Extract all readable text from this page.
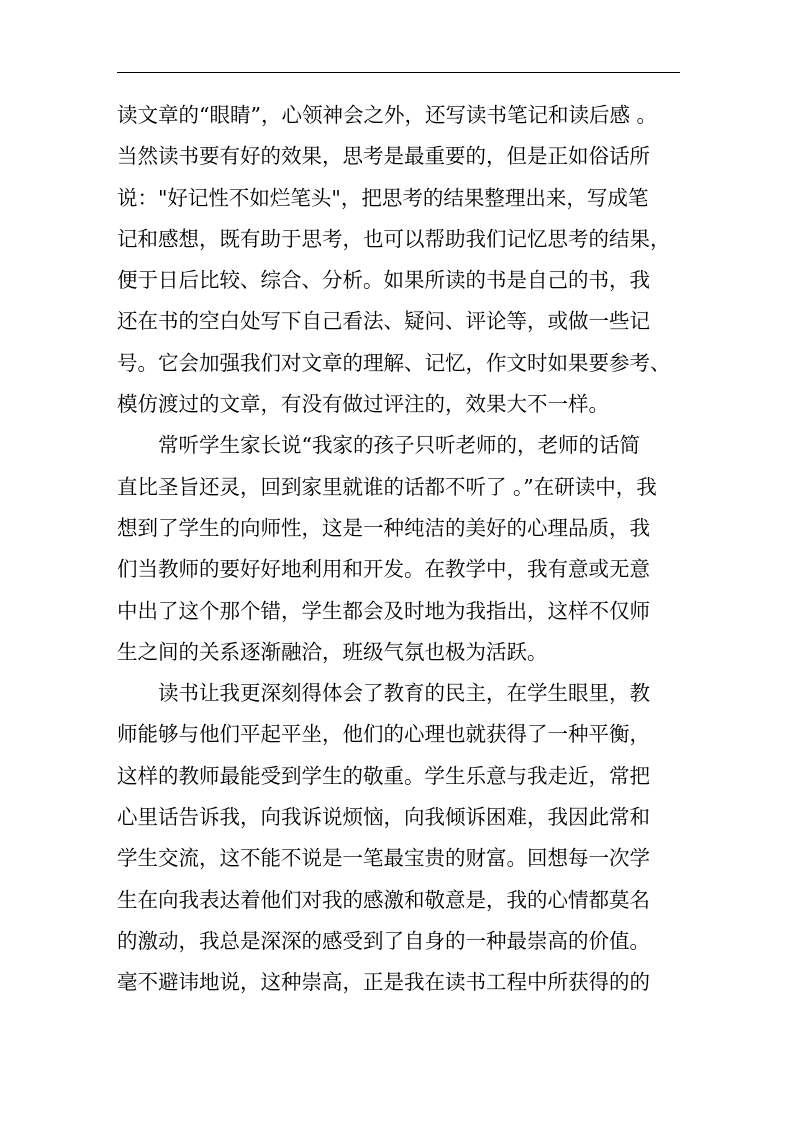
读文章的“眼睛”，心领神会之外，还写读书笔记和读后感 。
当然读书要有好的效果，思考是最重要的，但是正如俗话所
说："好记性不如烂笔头"，把思考的结果整理出来，写成笔
记和感想，既有助于思考，也可以帮助我们记忆思考的结果，
便于日后比较、综合、分析。如果所读的书是自己的书，我
还在书的空白处写下自己看法、疑问、评论等，或做一些记
号。它会加强我们对文章的理解、记忆，作文时如果要参考、
模仿渡过的文章，有没有做过评注的，效果大不一样。
常听学生家长说“我家的孩子只听老师的，老师的话简
直比圣旨还灵，回到家里就谁的话都不听了 。”在研读中，我
想到了学生的向师性，这是一种纯洁的美好的心理品质，我
们当教师的要好好地利用和开发。在教学中，我有意或无意
中出了这个那个错，学生都会及时地为我指出，这样不仅师
生之间的关系逐渐融洽，班级气氛也极为活跃。
读书让我更深刻得体会了教育的民主，在学生眼里，教
师能够与他们平起平坐，他们的心理也就获得了一种平衡，
这样的教师最能受到学生的敬重。学生乐意与我走近，常把
心里话告诉我，向我诉说烦恼，向我倾诉困难，我因此常和
学生交流，这不能不说是一笔最宝贵的财富。回想每一次学
生在向我表达着他们对我的感激和敬意是，我的心情都莫名
的激动，我总是深深的感受到了自身的一种最崇高的价值。
毫不避讳地说，这种崇高，正是我在读书工程中所获得的的
